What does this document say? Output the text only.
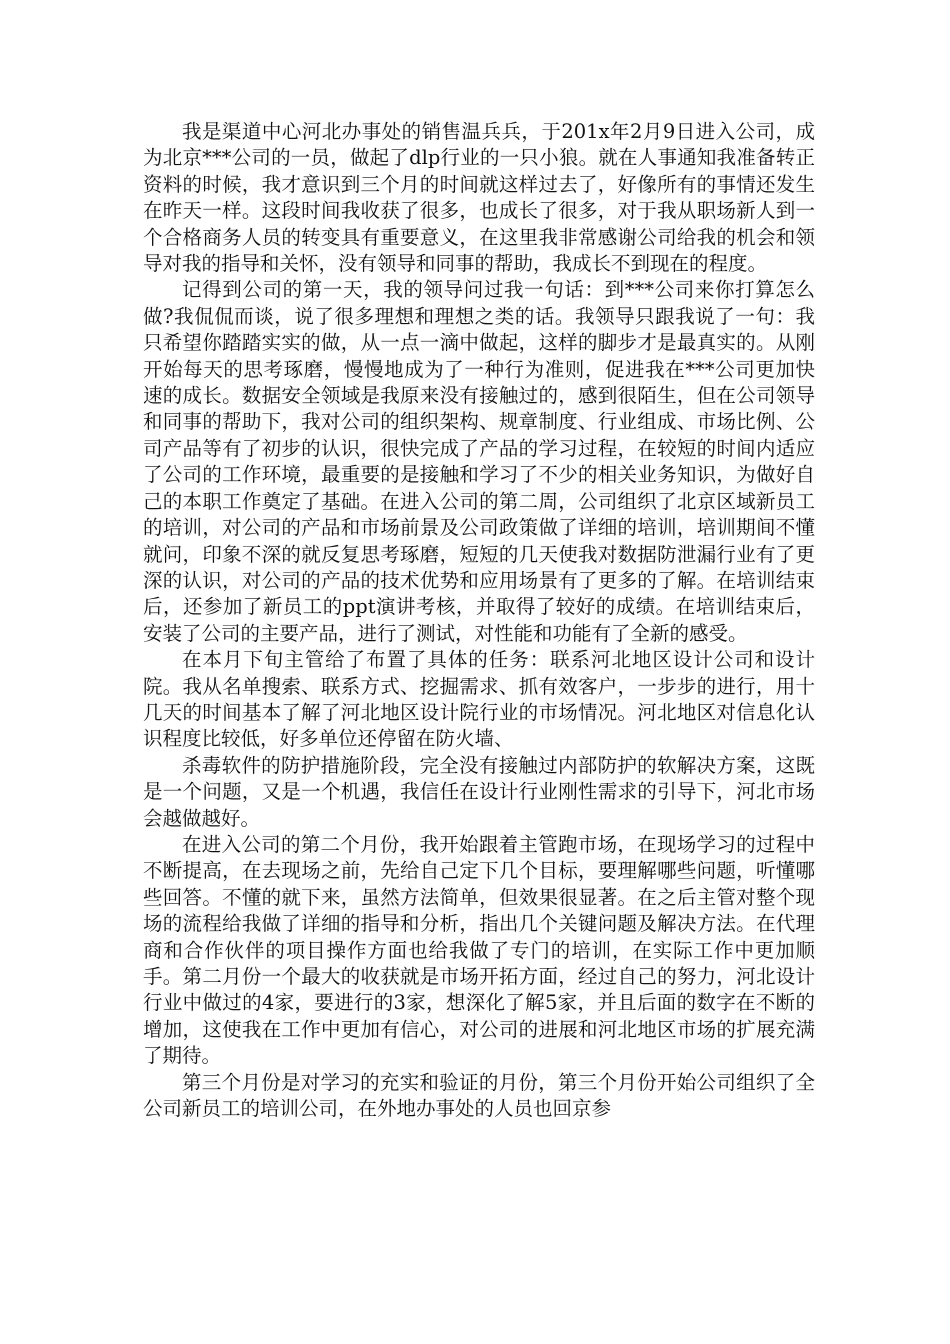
我是渠道中心河北办事处的销售温兵兵，于201x年2月9日进入公司，成为北京***公司的一员，做起了dlp行业的一只小狼。就在人事通知我准备转正资料的时候，我才意识到三个月的时间就这样过去了，好像所有的事情还发生在昨天一样。这段时间我收获了很多，也成长了很多，对于我从职场新人到一个合格商务人员的转变具有重要意义，在这里我非常感谢公司给我的机会和领导对我的指导和关怀，没有领导和同事的帮助，我成长不到现在的程度。

记得到公司的第一天，我的领导问过我一句话：到***公司来你打算怎么做?我侃侃而谈，说了很多理想和理想之类的话。我领导只跟我说了一句：我只希望你踏踏实实的做，从一点一滴中做起，这样的脚步才是最真实的。从刚开始每天的思考琢磨，慢慢地成为了一种行为准则，促进我在***公司更加快速的成长。数据安全领域是我原来没有接触过的，感到很陌生，但在公司领导和同事的帮助下，我对公司的组织架构、规章制度、行业组成、市场比例、公司产品等有了初步的认识，很快完成了产品的学习过程，在较短的时间内适应了公司的工作环境，最重要的是接触和学习了不少的相关业务知识，为做好自己的本职工作奠定了基础。在进入公司的第二周，公司组织了北京区域新员工的培训，对公司的产品和市场前景及公司政策做了详细的培训，培训期间不懂就问，印象不深的就反复思考琢磨，短短的几天使我对数据防泄漏行业有了更深的认识，对公司的产品的技术优势和应用场景有了更多的了解。在培训结束后，还参加了新员工的ppt演讲考核，并取得了较好的成绩。在培训结束后，安装了公司的主要产品，进行了测试，对性能和功能有了全新的感受。

在本月下旬主管给了布置了具体的任务：联系河北地区设计公司和设计院。我从名单搜索、联系方式、挖掘需求、抓有效客户，一步步的进行，用十几天的时间基本了解了河北地区设计院行业的市场情况。河北地区对信息化认识程度比较低，好多单位还停留在防火墙、

杀毒软件的防护措施阶段，完全没有接触过内部防护的软解决方案，这既是一个问题，又是一个机遇，我信任在设计行业刚性需求的引导下，河北市场会越做越好。

在进入公司的第二个月份，我开始跟着主管跑市场，在现场学习的过程中不断提高，在去现场之前，先给自己定下几个目标，要理解哪些问题，听懂哪些回答。不懂的就下来，虽然方法简单，但效果很显著。在之后主管对整个现场的流程给我做了详细的指导和分析，指出几个关键问题及解决方法。在代理商和合作伙伴的项目操作方面也给我做了专门的培训，在实际工作中更加顺手。第二月份一个最大的收获就是市场开拓方面，经过自己的努力，河北设计行业中做过的4家，要进行的3家，想深化了解5家，并且后面的数字在不断的增加，这使我在工作中更加有信心，对公司的进展和河北地区市场的扩展充满了期待。

第三个月份是对学习的充实和验证的月份，第三个月份开始公司组织了全公司新员工的培训公司，在外地办事处的人员也回京参
